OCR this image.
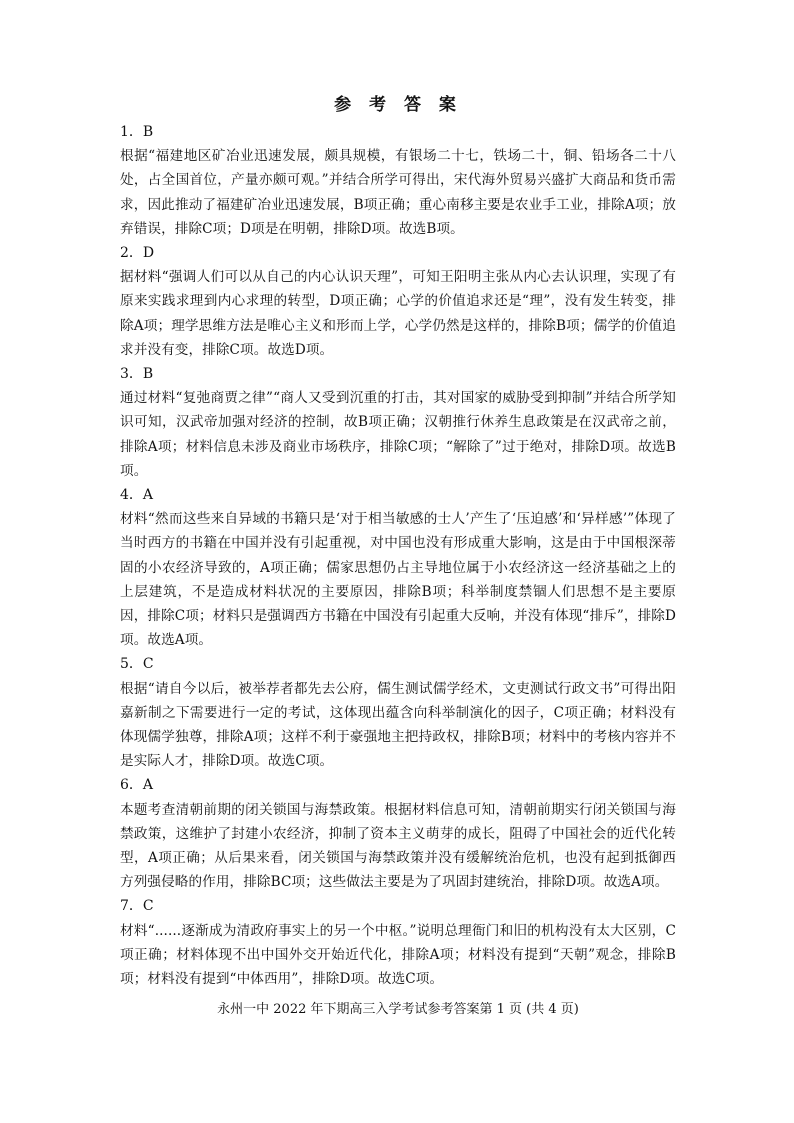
参 考 答 案
1．B
根据“福建地区矿冶业迅速发展，颇具规模，有银场二十七，铁场二十，铜、铅场各二十八处，占全国首位，产量亦颇可观。”并结合所学可得出，宋代海外贸易兴盛扩大商品和货币需求，因此推动了福建矿冶业迅速发展，B项正确；重心南移主要是农业手工业，排除A项；放弃错误，排除C项；D项是在明朝，排除D项。故选B项。
2．D
据材料“强调人们可以从自己的内心认识天理”，可知王阳明主张从内心去认识理，实现了有原来实践求理到内心求理的转型，D项正确；心学的价值追求还是“理”，没有发生转变，排除A项；理学思维方法是唯心主义和形而上学，心学仍然是这样的，排除B项；儒学的价值追求并没有变，排除C项。故选D项。
3．B
通过材料“复弛商贾之律”“商人又受到沉重的打击，其对国家的威胁受到抑制”并结合所学知识可知，汉武帝加强对经济的控制，故B项正确；汉朝推行休养生息政策是在汉武帝之前，排除A项；材料信息未涉及商业市场秩序，排除C项；“解除了”过于绝对，排除D项。故选B项。
4．A
材料“然而这些来自异域的书籍只是‘对于相当敏感的士人’产生了‘压迫感’和‘异样感’”体现了当时西方的书籍在中国并没有引起重视，对中国也没有形成重大影响，这是由于中国根深蒂固的小农经济导致的，A项正确；儒家思想仍占主导地位属于小农经济这一经济基础之上的上层建筑，不是造成材料状况的主要原因，排除B项；科举制度禁锢人们思想不是主要原因，排除C项；材料只是强调西方书籍在中国没有引起重大反响，并没有体现“排斥”，排除D项。故选A项。
5．C
根据“请自今以后，被举荐者都先去公府，儒生测试儒学经术，文吏测试行政文书”可得出阳嘉新制之下需要进行一定的考试，这体现出蕴含向科举制演化的因子，C项正确；材料没有体现儒学独尊，排除A项；这样不利于豪强地主把持政权，排除B项；材料中的考核内容并不是实际人才，排除D项。故选C项。
6．A
本题考查清朝前期的闭关锁国与海禁政策。根据材料信息可知，清朝前期实行闭关锁国与海禁政策，这维护了封建小农经济，抑制了资本主义萌芽的成长，阻碍了中国社会的近代化转型，A项正确；从后果来看，闭关锁国与海禁政策并没有缓解统治危机，也没有起到抵御西方列强侵略的作用，排除BC项；这些做法主要是为了巩固封建统治，排除D项。故选A项。
7．C
材料“......逐渐成为清政府事实上的另一个中枢。”说明总理衙门和旧的机构没有太大区别，C项正确；材料体现不出中国外交开始近代化，排除A项；材料没有提到“天朝”观念，排除B项；材料没有提到“中体西用”，排除D项。故选C项。
永州一中 2022 年下期高三入学考试参考答案第 1 页 (共 4 页)
